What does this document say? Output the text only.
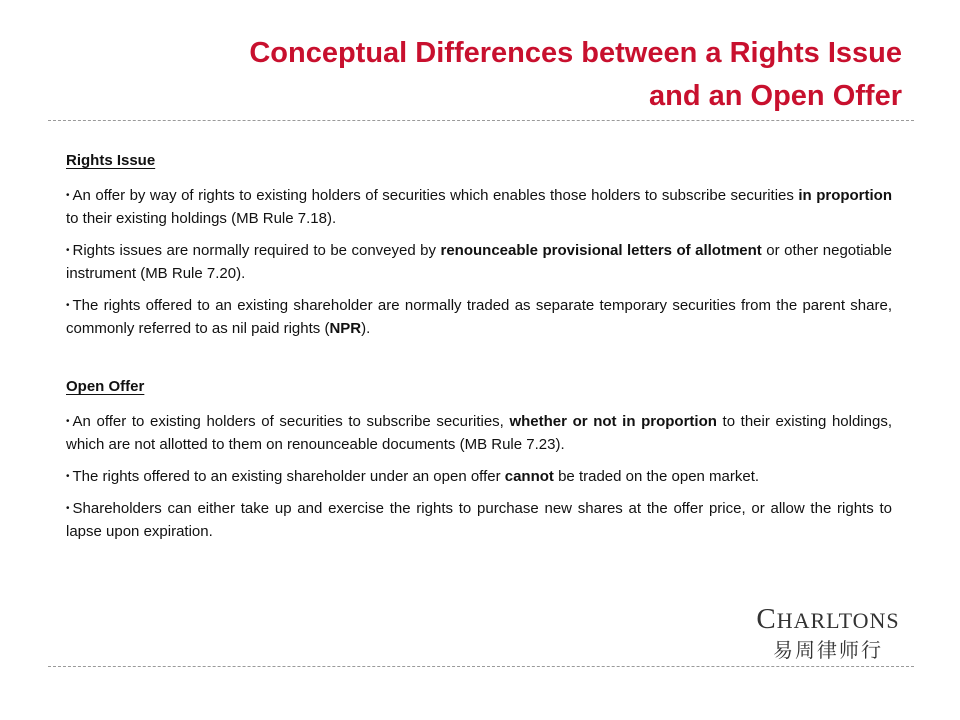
Conceptual Differences between a Rights Issue
and an Open Offer

Rights Issue

• An offer by way of rights to existing holders of securities which enables those holders to subscribe securities in proportion to their existing holdings (MB Rule 7.18).

• Rights issues are normally required to be conveyed by renounceable provisional letters of allotment or other negotiable instrument (MB Rule 7.20).

• The rights offered to an existing shareholder are normally traded as separate temporary securities from the parent share, commonly referred to as nil paid rights (NPR).

Open Offer

• An offer to existing holders of securities to subscribe securities, whether or not in proportion to their existing holdings, which are not allotted to them on renounceable documents (MB Rule 7.23).

• The rights offered to an existing shareholder under an open offer cannot be traded on the open market.

• Shareholders can either take up and exercise the rights to purchase new shares at the offer price, or allow the rights to lapse upon expiration.

CHARLTONS
易周律师行
